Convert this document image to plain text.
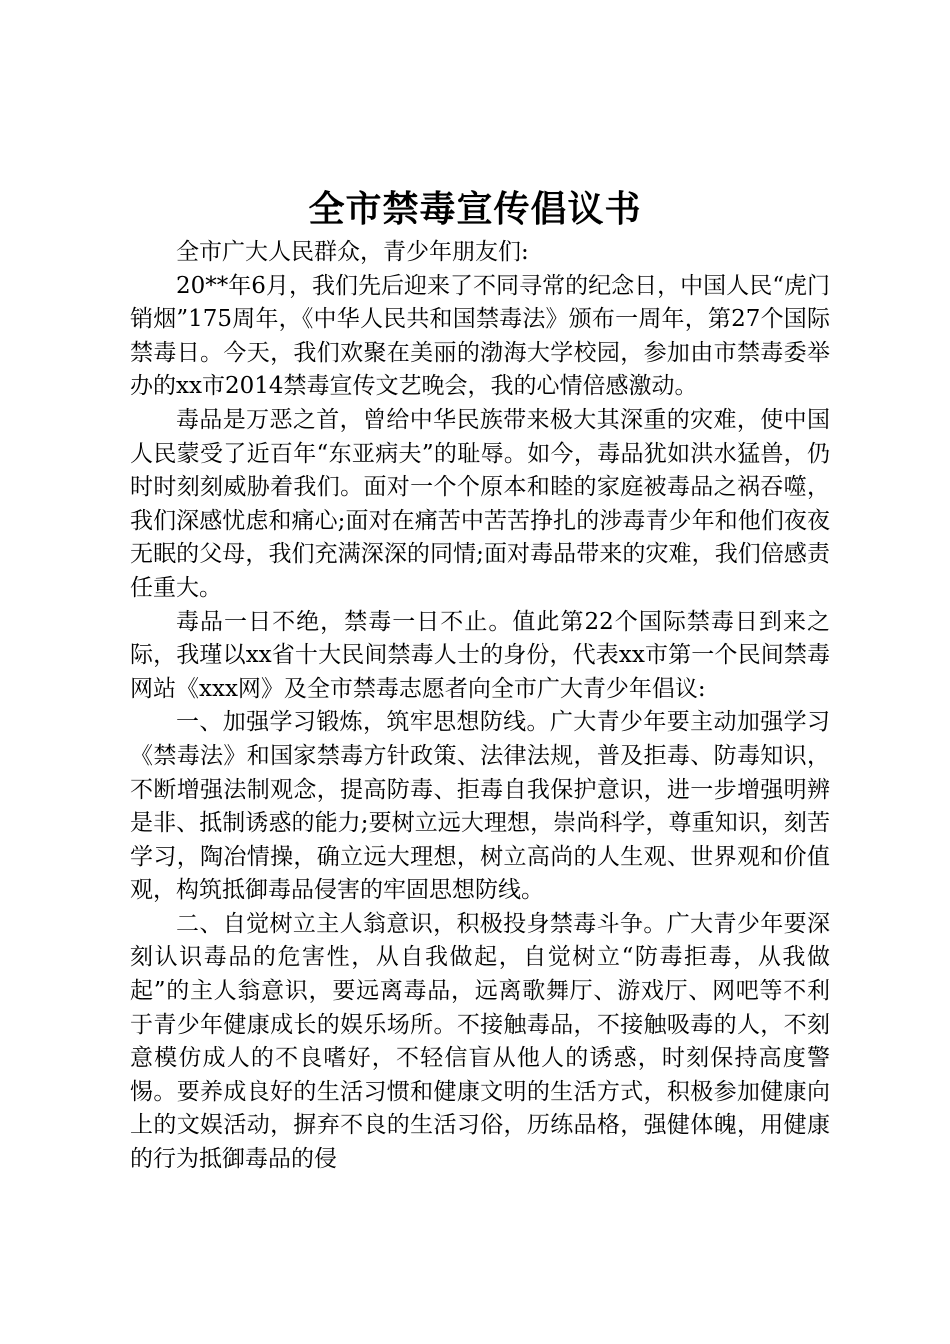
全市禁毒宣传倡议书

全市广大人民群众，青少年朋友们:

20**年6月，我们先后迎来了不同寻常的纪念日，中国人民“虎门销烟”175周年，《中华人民共和国禁毒法》颁布一周年，第27个国际禁毒日。今天，我们欢聚在美丽的渤海大学校园，参加由市禁毒委举办的xx市2014禁毒宣传文艺晚会，我的心情倍感激动。

毒品是万恶之首，曾给中华民族带来极大其深重的灾难，使中国人民蒙受了近百年“东亚病夫”的耻辱。如今，毒品犹如洪水猛兽，仍时时刻刻威胁着我们。面对一个个原本和睦的家庭被毒品之祸吞噬，我们深感忧虑和痛心;面对在痛苦中苦苦挣扎的涉毒青少年和他们夜夜无眠的父母，我们充满深深的同情;面对毒品带来的灾难，我们倍感责任重大。

毒品一日不绝，禁毒一日不止。值此第22个国际禁毒日到来之际，我瑾以xx省十大民间禁毒人士的身份，代表xx市第一个民间禁毒网站《xxx网》及全市禁毒志愿者向全市广大青少年倡议:

一、加强学习锻炼，筑牢思想防线。广大青少年要主动加强学习《禁毒法》和国家禁毒方针政策、法律法规，普及拒毒、防毒知识，不断增强法制观念，提高防毒、拒毒自我保护意识，进一步增强明辨是非、抵制诱惑的能力;要树立远大理想，崇尚科学，尊重知识，刻苦学习，陶冶情操，确立远大理想，树立高尚的人生观、世界观和价值观，构筑抵御毒品侵害的牢固思想防线。

二、自觉树立主人翁意识，积极投身禁毒斗争。广大青少年要深刻认识毒品的危害性，从自我做起，自觉树立“防毒拒毒，从我做起”的主人翁意识，要远离毒品，远离歌舞厅、游戏厅、网吧等不利于青少年健康成长的娱乐场所。不接触毒品，不接触吸毒的人，不刻意模仿成人的不良嗜好，不轻信盲从他人的诱惑，时刻保持高度警惕。要养成良好的生活习惯和健康文明的生活方式，积极参加健康向上的文娱活动，摒弃不良的生活习俗，历练品格，强健体魄，用健康的行为抵御毒品的侵
